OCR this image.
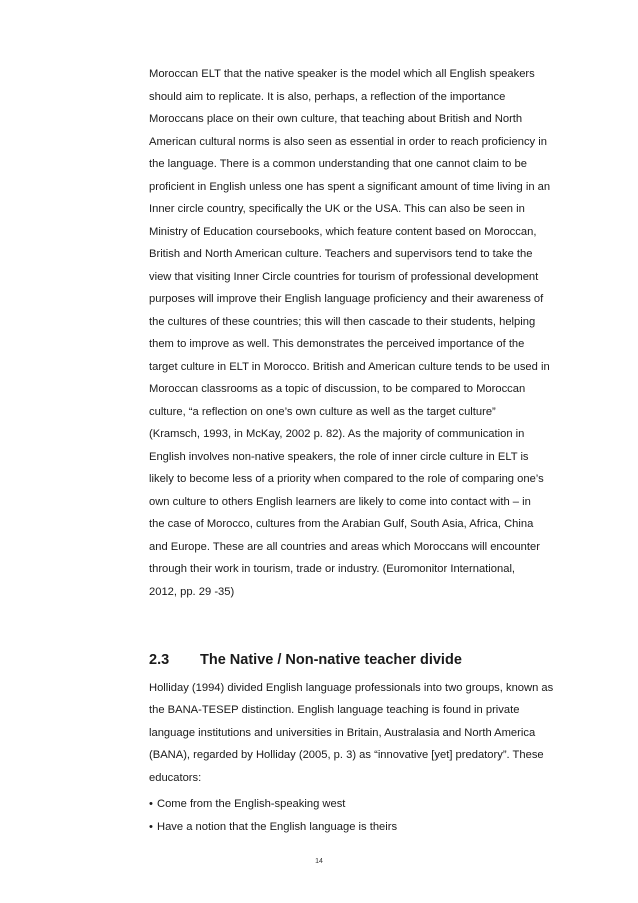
Moroccan ELT that the native speaker is the model which all English speakers
should aim to replicate. It is also, perhaps, a reflection of the importance
Moroccans place on their own culture, that teaching about British and North
American cultural norms is also seen as essential in order to reach proficiency in
the language. There is a common understanding that one cannot claim to be
proficient in English unless one has spent a significant amount of time living in an
Inner circle country, specifically the UK or the USA. This can also be seen in
Ministry of Education coursebooks, which feature content based on Moroccan,
British and North American culture. Teachers and supervisors tend to take the
view that visiting Inner Circle countries for tourism of professional development
purposes will improve their English language proficiency and their awareness of
the cultures of these countries; this will then cascade to their students, helping
them to improve as well. This demonstrates the perceived importance of the
target culture in ELT in Morocco. British and American culture tends to be used in
Moroccan classrooms as a topic of discussion, to be compared to Moroccan
culture, “a reflection on one’s own culture as well as the target culture”
(Kramsch, 1993, in McKay, 2002 p. 82). As the majority of communication in
English involves non-native speakers, the role of inner circle culture in ELT is
likely to become less of a priority when compared to the role of comparing one’s
own culture to others English learners are likely to come into contact with – in
the case of Morocco, cultures from the Arabian Gulf, South Asia, Africa, China
and Europe. These are all countries and areas which Moroccans will encounter
through their work in tourism, trade or industry. (Euromonitor International,
2012, pp. 29 -35)
2.3 The Native / Non-native teacher divide
Holliday (1994) divided English language professionals into two groups, known as
the BANA-TESEP distinction. English language teaching is found in private
language institutions and universities in Britain, Australasia and North America
(BANA), regarded by Holliday (2005, p. 3) as “innovative [yet] predatory”. These
educators:
• Come from the English-speaking west
• Have a notion that the English language is theirs
14
